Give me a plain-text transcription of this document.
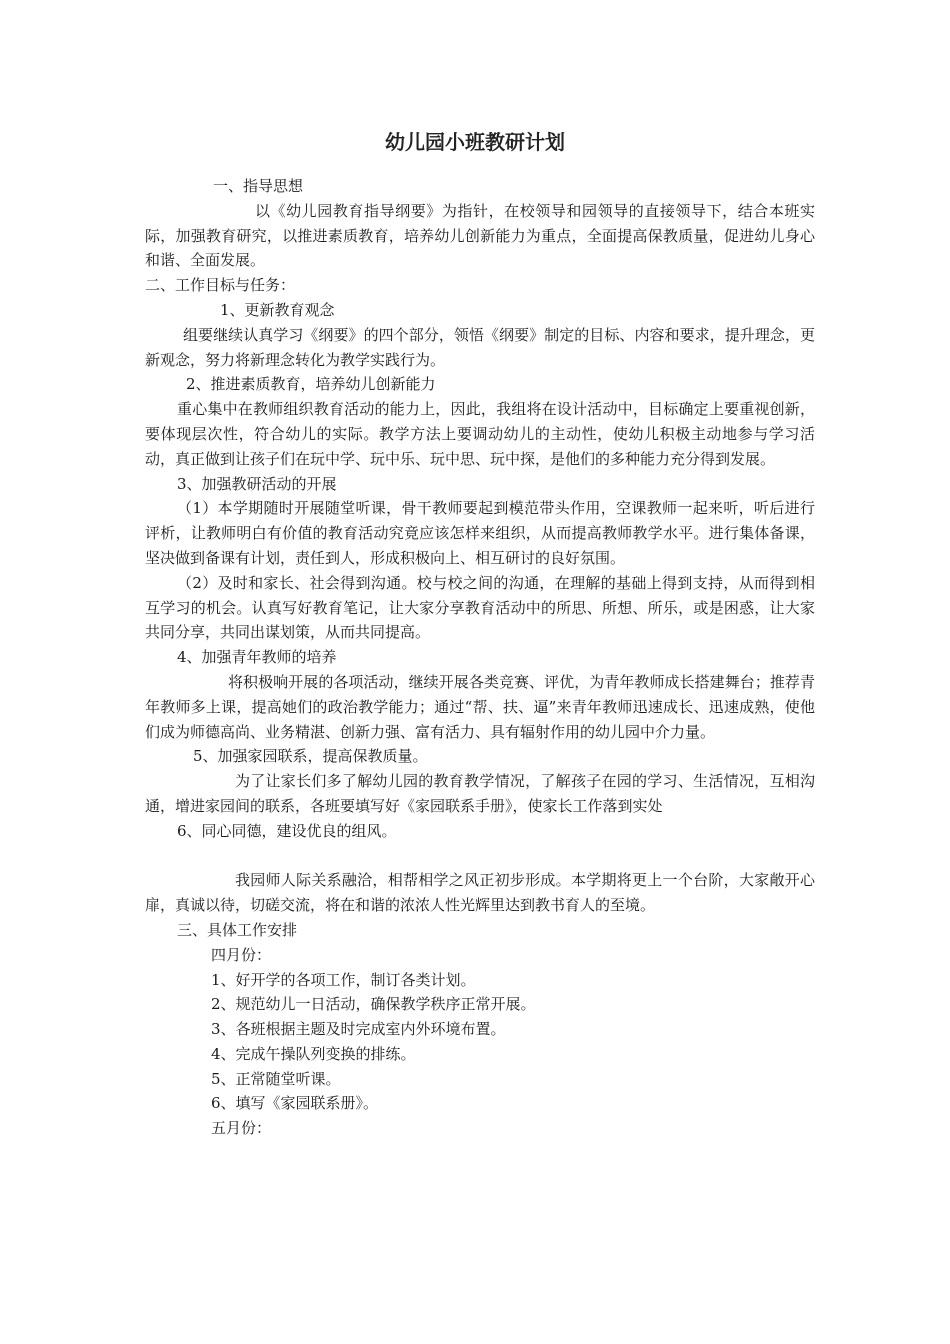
幼儿园小班教研计划

一、指导思想

以《幼儿园教育指导纲要》为指针，在校领导和园领导的直接领导下，结合本班实际，加强教育研究，以推进素质教育，培养幼儿创新能力为重点，全面提高保教质量，促进幼儿身心和谐、全面发展。

二、工作目标与任务：

1、更新教育观念

组要继续认真学习《纲要》的四个部分，领悟《纲要》制定的目标、内容和要求，提升理念，更新观念，努力将新理念转化为教学实践行为。

2、推进素质教育，培养幼儿创新能力

重心集中在教师组织教育活动的能力上，因此，我组将在设计活动中，目标确定上要重视创新，要体现层次性，符合幼儿的实际。教学方法上要调动幼儿的主动性，使幼儿积极主动地参与学习活动，真正做到让孩子们在玩中学、玩中乐、玩中思、玩中探，是他们的多种能力充分得到发展。

3、加强教研活动的开展

（1）本学期随时开展随堂听课，骨干教师要起到模范带头作用，空课教师一起来听，听后进行评析，让教师明白有价值的教育活动究竟应该怎样来组织，从而提高教师教学水平。进行集体备课，坚决做到备课有计划，责任到人，形成积极向上、相互研讨的良好氛围。

（2）及时和家长、社会得到沟通。校与校之间的沟通，在理解的基础上得到支持，从而得到相互学习的机会。认真写好教育笔记，让大家分享教育活动中的所思、所想、所乐，或是困惑，让大家共同分享，共同出谋划策，从而共同提高。

4、加强青年教师的培养

将积极响开展的各项活动，继续开展各类竞赛、评优，为青年教师成长搭建舞台；推荐青年教师多上课，提高她们的政治教学能力；通过“帮、扶、逼”来青年教师迅速成长、迅速成熟，使他们成为师德高尚、业务精湛、创新力强、富有活力、具有辐射作用的幼儿园中介力量。

5、加强家园联系，提高保教质量。

为了让家长们多了解幼儿园的教育教学情况，了解孩子在园的学习、生活情况，互相沟通，增进家园间的联系，各班要填写好《家园联系手册》，使家长工作落到实处

6、同心同德，建设优良的组风。

我园师人际关系融洽，相帮相学之风正初步形成。本学期将更上一个台阶，大家敞开心扉，真诚以待，切磋交流，将在和谐的浓浓人性光辉里达到教书育人的至境。

三、具体工作安排

四月份：

1、好开学的各项工作，制订各类计划。

2、规范幼儿一日活动，确保教学秩序正常开展。

3、各班根据主题及时完成室内外环境布置。

4、完成午操队列变换的排练。

5、正常随堂听课。

6、填写《家园联系册》。

五月份：
